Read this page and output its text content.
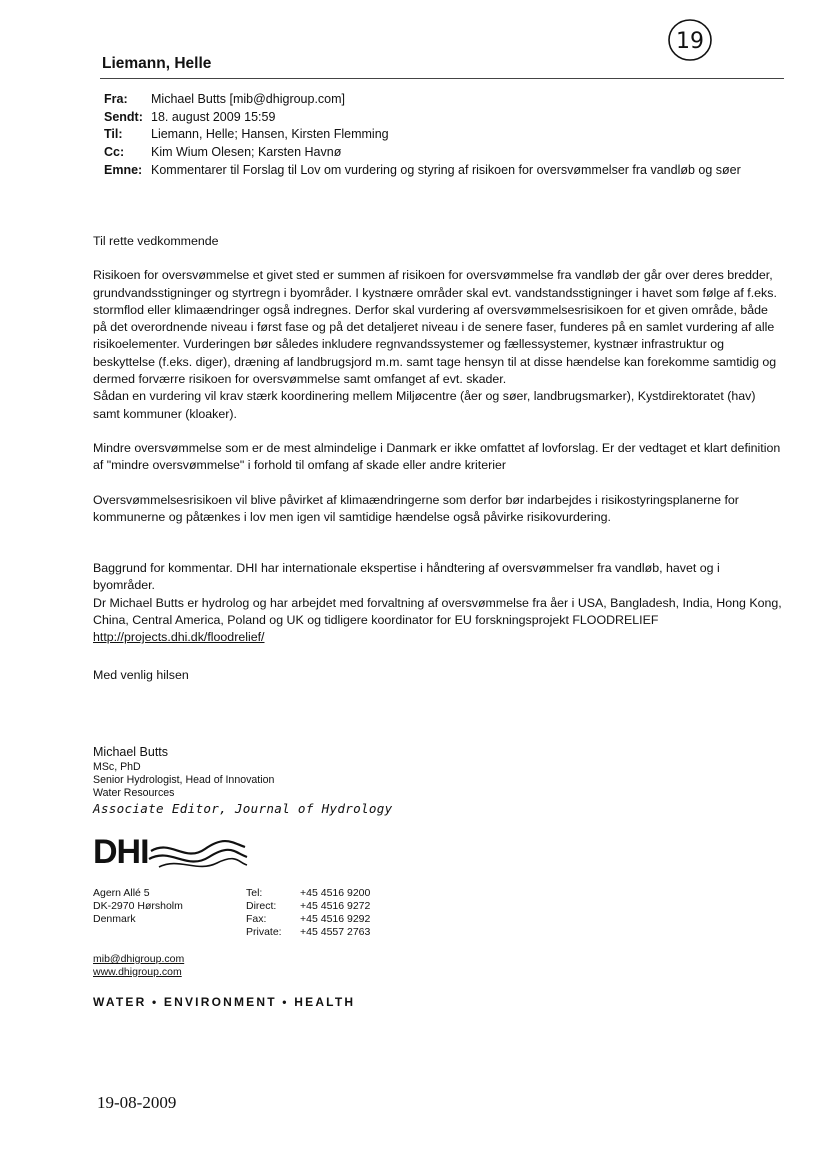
19
Liemann, Helle
Fra:	Michael Butts [mib@dhigroup.com]
Sendt: 18. august 2009 15:59
Til:	Liemann, Helle; Hansen, Kirsten Flemming
Cc:	Kim Wium Olesen; Karsten Havnø
Emne: Kommentarer til Forslag til Lov om vurdering og styring af risikoen for oversvømmelser fra vandløb og søer

Til rette vedkommende

Risikoen for oversvømmelse et givet sted er summen af risikoen for oversvømmelse fra vandløb der går over deres bredder, grundvandsstigninger og styrtregn i byområder. I kystnære områder skal evt. vandstandsstigninger i havet som følge af f.eks. stormflod eller klimaændringer også indregnes. Derfor skal vurdering af oversvømmelsesrisikoen for et given område, både på det overordnende niveau i først fase og på det detaljeret niveau i de senere faser, funderes på en samlet vurdering af alle risikoelementer. Vurderingen bør således inkludere regnvandssystemer og fællessystemer, kystnær infrastruktur og beskyttelse (f.eks. diger), dræning af landbrugsjord m.m. samt tage hensyn til at disse hændelse kan forekomme samtidig og dermed forværre risikoen for oversvømmelse samt omfanget af evt. skader.

Sådan en vurdering vil krav stærk koordinering mellem Miljøcentre (åer og søer, landbrugsmarker), Kystdirektoratet (hav) samt kommuner (kloaker).

Mindre oversvømmelse som er de mest almindelige i Danmark er ikke omfattet af lovforslag. Er der vedtaget et klart definition af "mindre oversvømmelse" i forhold til omfang af skade eller andre kriterier

Oversvømmelsesrisikoen vil blive påvirket af klimaændringerne som derfor bør indarbejdes i risikostyringsplanerne for kommunerne og påtænkes i lov men igen vil samtidige hændelse også påvirke risikovurdering.

Baggrund for kommentar. DHI har internationale ekspertise i håndtering af oversvømmelser fra vandløb, havet og i byområder.

Dr Michael Butts er hydrolog og har arbejdet med forvaltning af oversvømmelse fra åer i USA, Bangladesh, India, Hong Kong, China, Central America, Poland og UK og tidligere koordinator for EU forskningsprojekt FLOODRELIEF

http://projects.dhi.dk/floodrelief/

Med venlig hilsen

Michael Butts
MSc, PhD
Senior Hydrologist, Head of Innovation
Water Resources
Associate Editor, Journal of Hydrology
DHI
Agern Allé 5
DK-2970 Hørsholm
Denmark
Tel:	+45 4516 9200
Direct:	+45 4516 9272
Fax:	+45 4516 9292
Private:	+45 4557 2763
mib@dhigroup.com
www.dhigroup.com
WATER • ENVIRONMENT • HEALTH
19-08-2009
